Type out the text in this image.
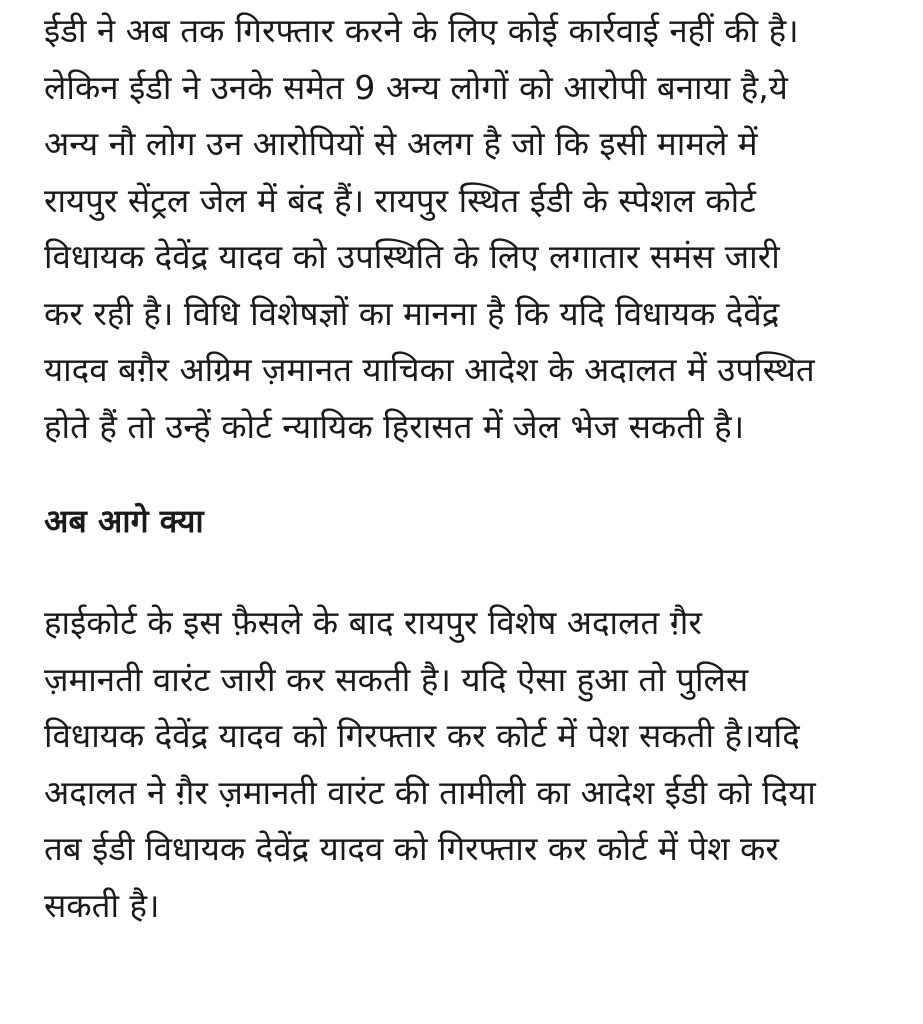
ईडी ने अब तक गिरफ्तार करने के लिए कोई कार्रवाई नहीं की है।
लेकिन ईडी ने उनके समेत 9 अन्य लोगों को आरोपी बनाया है,ये
अन्य नौ लोग उन आरोपियों से अलग है जो कि इसी मामले में
रायपुर सेंट्रल जेल में बंद हैं। रायपुर स्थित ईडी के स्पेशल कोर्ट
विधायक देवेंद्र यादव को उपस्थिति के लिए लगातार समंस जारी
कर रही है। विधि विशेषज्ञों का मानना है कि यदि विधायक देवेंद्र
यादव बग़ैर अग्रिम ज़मानत याचिका आदेश के अदालत में उपस्थित
होते हैं तो उन्हें कोर्ट न्यायिक हिरासत में जेल भेज सकती है।

अब आगे क्या

हाईकोर्ट के इस फ़ैसले के बाद रायपुर विशेष अदालत ग़ैर
ज़मानती वारंट जारी कर सकती है। यदि ऐसा हुआ तो पुलिस
विधायक देवेंद्र यादव को गिरफ्तार कर कोर्ट में पेश सकती है।यदि
अदालत ने ग़ैर ज़मानती वारंट की तामीली का आदेश ईडी को दिया
तब ईडी विधायक देवेंद्र यादव को गिरफ्तार कर कोर्ट में पेश कर
सकती है।
